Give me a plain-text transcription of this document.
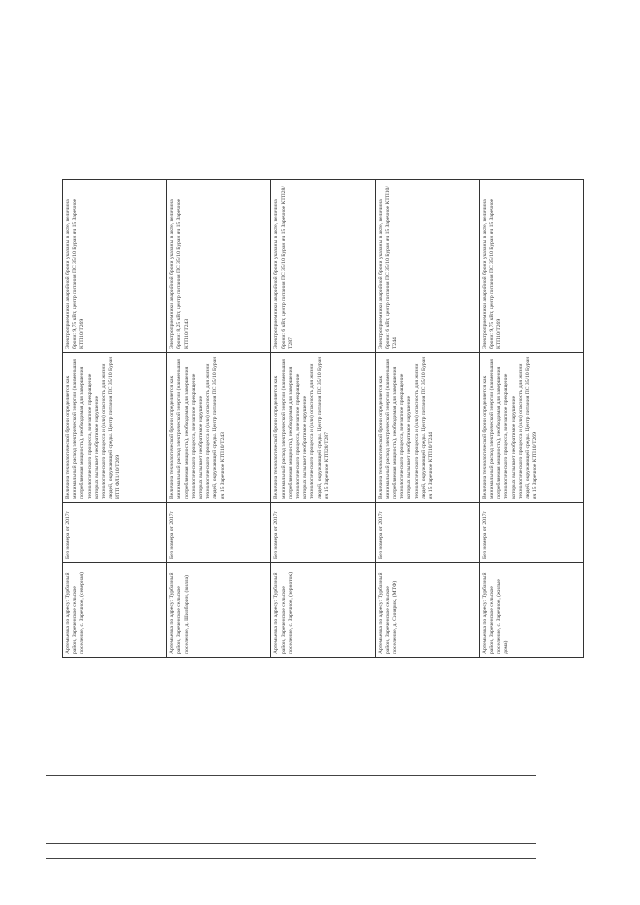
Артемьевка по адресу: Турбазный район, Зареченское сельское поселение, с. Заречное, (северная)	Без номера от 2017г	Величина технологической брони определяется как минимальный расход электрической энергии (наименьшая потребляемая мощность), необходимая для завершения технологического процесса, внезапное прекращение которых вызывает необратимое нарушение технологического процесса и (или) опасность для жизни людей, окружающей среды. Центр питания ПС 35/10 Буран ИТП ФЛ1/10/Т269	Электроприемники аварийной брони указаны в акте, величина брони: 9,75 кВт, центр питания ПС 35/10 Буран яч 15 Заречное КТП10/Т269

Артемьевка по адресу: Турбазный район, Зареченское сельское поселение, д. Шилбарин, (вилла)	Без номера от 2017г	Величина технологической брони определяется как минимальный расход электрической энергии (наименьшая потребляемая мощность), необходимая для завершения технологического процесса, внезапное прекращение которых вызывает необратимое нарушение технологического процесса и (или) опасность для жизни людей, окружающей среды. Центр питания ПС 35/10 Буран яч 15 Заречное КТП10/Т243	Электроприемники аварийной брони указаны в акте, величина брони: 8,25 кВт, центр питания ПС 35/10 Буран яч 15 Заречное КТП10/Т243

Артемьевка по адресу: Турбазный район, Зареченское сельское поселение, с. Заречное, (зерноток)	Без номера от 2017г	Величина технологической брони определяется как минимальный расход электрической энергии (наименьшая потребляемая мощность), необходимая для завершения технологического процесса, внезапное прекращение которых вызывает необратимое нарушение технологического процесса и (или) опасность для жизни людей, окружающей среды. Центр питания ПС 35/10 Буран яч 15 Заречное КТП28/Т287	Электроприемники аварийной брони указаны в акте, величина брони: 6 кВт, центр питания ПС 35/10 Буран яч 15 Заречное КТП28/Т287

Артемьевка по адресу: Турбазный район, Зареченское сельское поселение, д. Синярик, (МТФ)	Без номера от 2017г	Величина технологической брони определяется как минимальный расход электрической энергии (наименьшая потребляемая мощность), необходимая для завершения технологического процесса, внезапное прекращение которых вызывает необратимое нарушение технологического процесса и (или) опасность для жизни людей, окружающей среды. Центр питания ПС 35/10 Буран яч 15 Заречное КТП10/Т244	Электроприемники аварийной брони указаны в акте, величина брони: 6 кВт, центр питания ПС 35/10 Буран яч 15 Заречное КТП10/Т244

Артемьевка по адресу: Турбазный район, Зареченское сельское поселение, с. Заречное, (жилые дома)	Без номера от 2017г	Величина технологической брони определяется как минимальный расход электрической энергии (наименьшая потребляемая мощность), необходимая для завершения технологического процесса, внезапное прекращение которых вызывает необратимое нарушение технологического процесса и (или) опасность для жизни людей, окружающей среды. Центр питания ПС 35/10 Буран яч 15 Заречное КТП10/Т269	Электроприемники аварийной брони указаны в акте, величина брони: 9,75 кВт, центр питания ПС 35/10 Буран яч 15 Заречное КТП10/Т269
